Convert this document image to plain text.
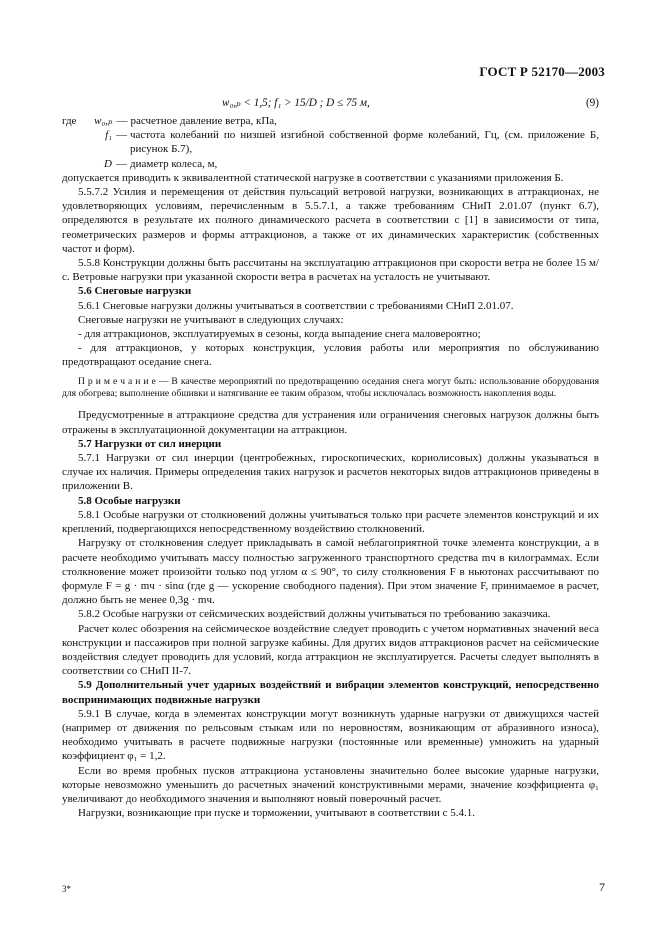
ГОСТ Р 52170—2003
w₀,ₚ < 1,5; f₁ > 15/D ; D ≤ 75 м,	(9)
где	w₀,ₚ — расчетное давление ветра, кПа,
f₁ — частота колебаний по низшей изгибной собственной форме колебаний, Гц, (см. приложение Б, рисунок Б.7),
D — диаметр колеса, м,

допускается приводить к эквивалентной статической нагрузке в соответствии с указаниями приложения Б.

5.5.7.2 Усилия и перемещения от действия пульсаций ветровой нагрузки, возникающих в аттракционах, не удовлетворяющих условиям, перечисленным в 5.5.7.1, а также требованиям СНиП 2.01.07 (пункт 6.7), определяются в результате их полного динамического расчета в соответствии с [1] в зависимости от типа, геометрических размеров и формы аттракционов, а также от их динамических характеристик (собственных частот и форм).

5.5.8 Конструкции должны быть рассчитаны на эксплуатацию аттракционов при скорости ветра не более 15 м/с. Ветровые нагрузки при указанной скорости ветра в расчетах на усталость не учитывают.

5.6 Снеговые нагрузки

5.6.1 Снеговые нагрузки должны учитываться в соответствии с требованиями СНиП 2.01.07.

Снеговые нагрузки не учитывают в следующих случаях:

- для аттракционов, эксплуатируемых в сезоны, когда выпадение снега маловероятно;

- для аттракционов, у которых конструкция, условия работы или мероприятия по обслуживанию предотвращают оседание снега.

П р и м е ч а н и е — В качестве мероприятий по предотвращению оседания снега могут быть: использование оборудования для обогрева; выполнение обшивки и натягивание ее таким образом, чтобы исключалась возможность накопления воды.

Предусмотренные в аттракционе средства для устранения или ограничения снеговых нагрузок должны быть отражены в эксплуатационной документации на аттракцион.

5.7 Нагрузки от сил инерции

5.7.1 Нагрузки от сил инерции (центробежных, гироскопических, кориолисовых) должны указываться в случае их наличия. Примеры определения таких нагрузок и расчетов некоторых видов аттракционов приведены в приложении В.

5.8 Особые нагрузки

5.8.1 Особые нагрузки от столкновений должны учитываться только при расчете элементов конструкций и их креплений, подвергающихся непосредственному воздействию столкновений.

Нагрузку от столкновения следует прикладывать в самой неблагоприятной точке элемента конструкции, а в расчете необходимо учитывать массу полностью загруженного транспортного средства mч в килограммах. Если столкновение может произойти только под углом α ≤ 90°, то силу столкновения F в ньютонах рассчитывают по формуле F = g · mч · sinα (где g — ускорение свободного падения). При этом значение F, принимаемое в расчет, должно быть не менее 0,3g · mч.

5.8.2 Особые нагрузки от сейсмических воздействий должны учитываться по требованию заказчика.

Расчет колес обозрения на сейсмическое воздействие следует проводить с учетом нормативных значений веса конструкции и пассажиров при полной загрузке кабины. Для других видов аттракционов расчет на сейсмические воздействия следует проводить для условий, когда аттракцион не эксплуатируется. Расчеты следует выполнять в соответствии со СНиП II-7.

5.9 Дополнительный учет ударных воздействий и вибрации элементов конструкций, непосредственно воспринимающих подвижные нагрузки

5.9.1 В случае, когда в элементах конструкции могут возникнуть ударные нагрузки от движущихся частей (например от движения по рельсовым стыкам или по неровностям, возникающим от абразивного износа), необходимо учитывать в расчете подвижные нагрузки (постоянные или временные) умножить на ударный коэффициент φ₁ = 1,2.

Если во время пробных пусков аттракциона установлены значительно более высокие ударные нагрузки, которые невозможно уменьшить до расчетных значений конструктивными мерами, значение коэффициента φ₁ увеличивают до необходимого значения и выполняют новый поверочный расчет.

Нагрузки, возникающие при пуске и торможении, учитывают в соответствии с 5.4.1.

3*	7
